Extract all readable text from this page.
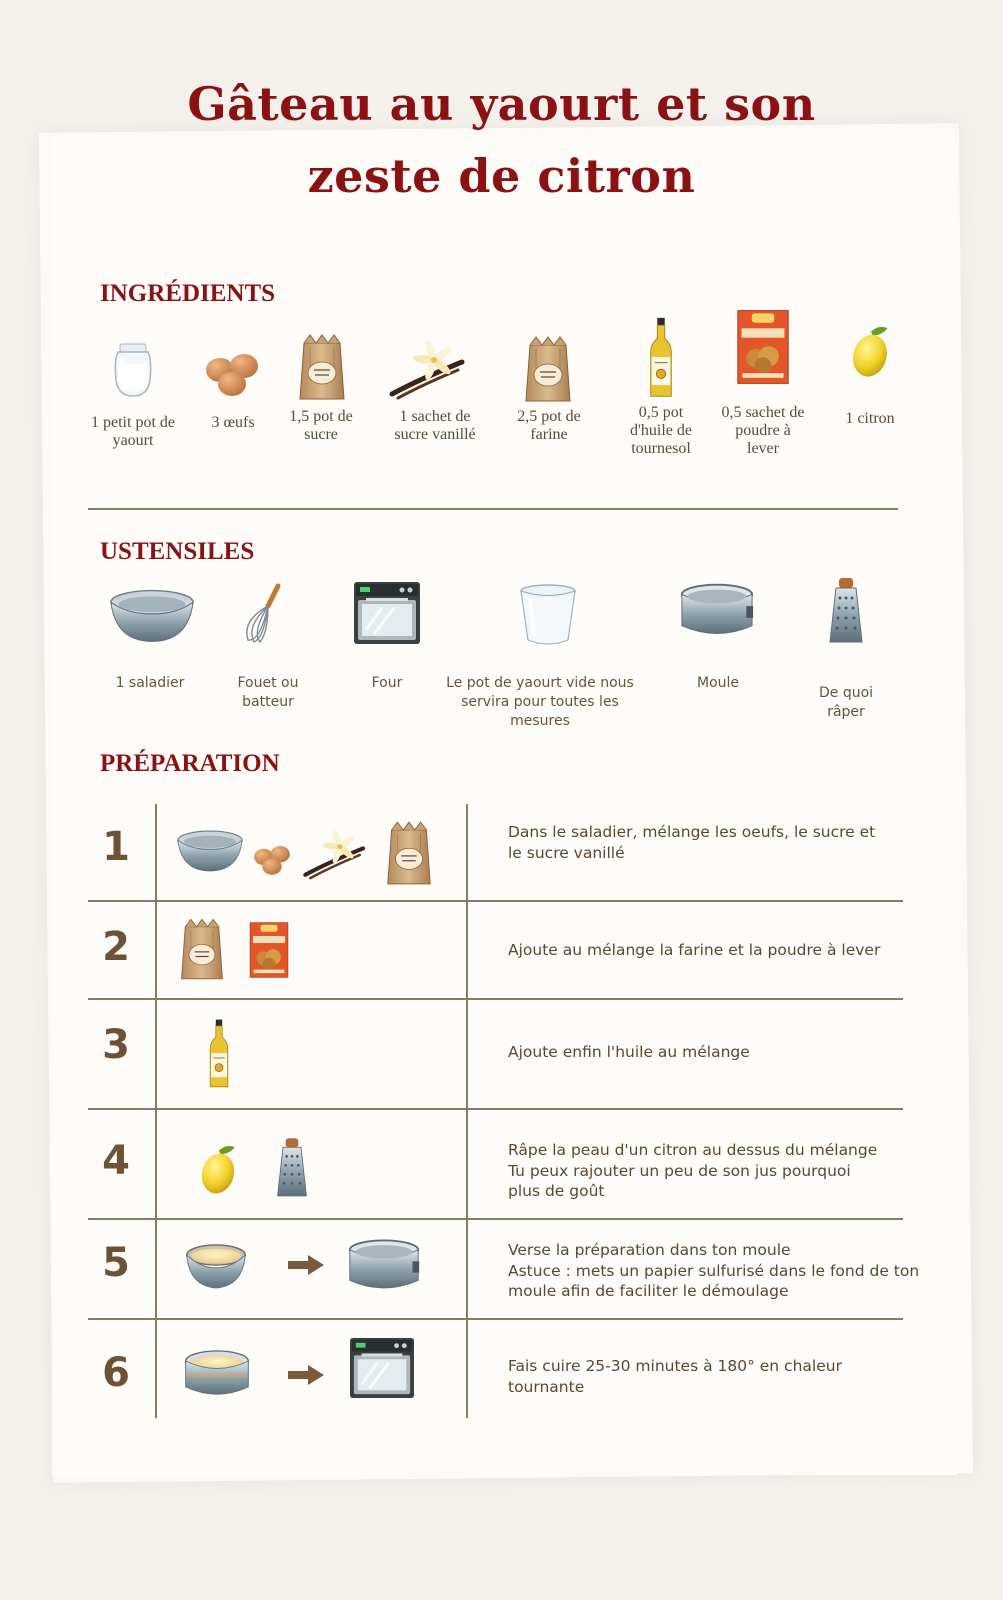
Gâteau au yaourt et son
zeste de citron
INGRÉDIENTS
1 petit pot de
yaourt
3 œufs	1,5 pot de
sucre
1 sachet de
sucre vanillé
2,5 pot de
farine
0,5 pot
d'huile de
tournesol
0,5 sachet de
poudre à
lever
1 citron
USTENSILES
1 saladier	Fouet ou
batteur
Four	Le pot de yaourt vide nous
servira pour toutes les
mesures
Moule
De quoi
râper
PRÉPARATION
1	Dans le saladier, mélange les oeufs, le sucre et
le sucre vanillé
2	Ajoute au mélange la farine et la poudre à lever
3	Ajoute enfin l'huile au mélange
4	Râpe la peau d'un citron au dessus du mélange
Tu peux rajouter un peu de son jus pourquoi
plus de goût
5	Verse la préparation dans ton moule
Astuce : mets un papier sulfurisé dans le fond de ton
moule afin de faciliter le démoulage
6	Fais cuire 25-30 minutes à 180° en chaleur
tournante
